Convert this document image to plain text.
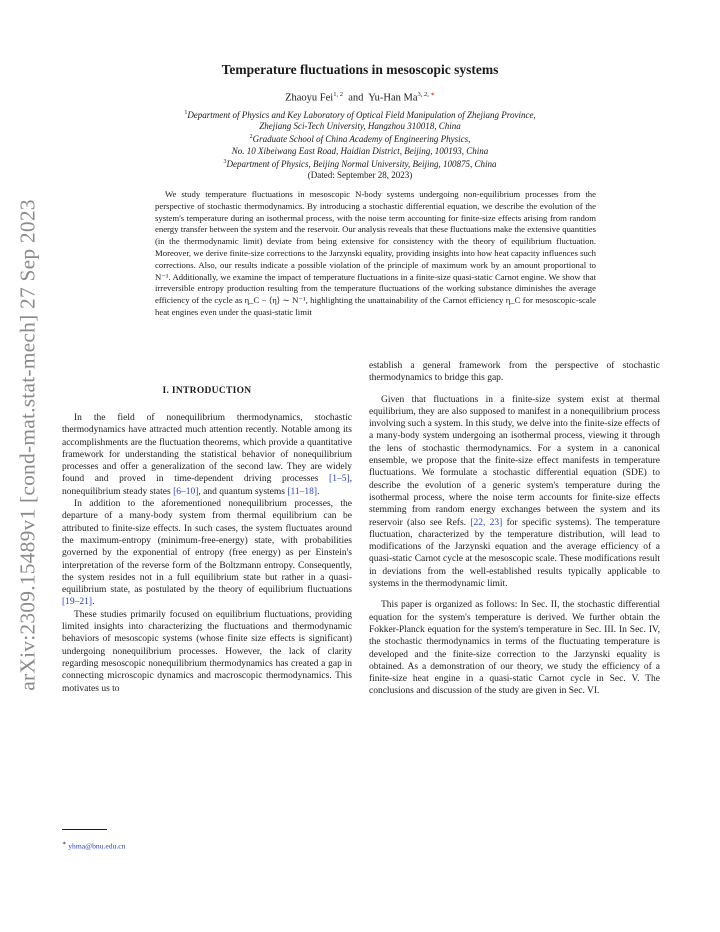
arXiv:2309.15489v1 [cond-mat.stat-mech] 27 Sep 2023
Temperature fluctuations in mesoscopic systems
Zhaoyu Fei$^{1, 2}$ and Yu-Han $Ma^{3, 2, ∗}$
$^1$Department of Physics and Key Laboratory of Optical Field Manipulation of Zhejiang Province,
Zhejiang Sci-Tech University, Hangzhou 310018, China
$^2$Graduate School of China Academy of Engineering Physics,
No. 10 Xibeiwang East Road, Haidian District, Beijing, 100193, China
$^3$Department of Physics, Beijing Normal University, Beijing, 100875, China
(Dated: September 28, 2023)
We study temperature fluctuations in mesoscopic N-body systems undergoing non-equilibrium processes from the perspective of stochastic thermodynamics. By introducing a stochastic differential equation, we describe the evolution of the system's temperature during an isothermal process, with the noise term accounting for finite-size effects arising from random energy transfer between the system and the reservoir. Our analysis reveals that these fluctuations make the extensive quantities (in the thermodynamic limit) deviate from being extensive for consistency with the theory of equilibrium fluctuation. Moreover, we derive finite-size corrections to the Jarzynski equality, providing insights into how heat capacity influences such corrections. Also, our results indicate a possible violation of the principle of maximum work by an amount proportional to N⁻¹. Additionally, we examine the impact of temperature fluctuations in a finite-size quasi-static Carnot engine. We show that irreversible entropy production resulting from the temperature fluctuations of the working substance diminishes the average efficiency of the cycle as η_C − ⟨η⟩ ∼ N⁻¹, highlighting the unattainability of the Carnot efficiency η_C for mesoscopic-scale heat engines even under the quasi-static limit
I. INTRODUCTION

In the field of nonequilibrium thermodynamics, stochastic thermodynamics have attracted much attention recently. Notable among its accomplishments are the fluctuation theorems, which provide a quantitative framework for understanding the statistical behavior of nonequilibrium processes and offer a generalization of the second law. They are widely found and proved in time-dependent driving processes [1–5], nonequilibrium steady states [6–10], and quantum systems [11–18].

In addition to the aforementioned nonequilibrium processes, the departure of a many-body system from thermal equilibrium can be attributed to finite-size effects. In such cases, the system fluctuates around the maximum-entropy (minimum-free-energy) state, with probabilities governed by the exponential of entropy (free energy) as per Einstein's interpretation of the reverse form of the Boltzmann entropy. Consequently, the system resides not in a full equilibrium state but rather in a quasi-equilibrium state, as postulated by the theory of equilibrium fluctuations [19–21].

These studies primarily focused on equilibrium fluctuations, providing limited insights into characterizing the fluctuations and thermodynamic behaviors of mesoscopic systems (whose finite size effects is significant) undergoing nonequilibrium processes. However, the lack of clarity regarding mesoscopic nonequilibrium thermodynamics has created a gap in connecting microscopic dynamics and macroscopic thermodynamics. This motivates us to

establish a general framework from the perspective of stochastic thermodynamics to bridge this gap.

Given that fluctuations in a finite-size system exist at thermal equilibrium, they are also supposed to manifest in a nonequilibrium process involving such a system. In this study, we delve into the finite-size effects of a many-body system undergoing an isothermal process, viewing it through the lens of stochastic thermodynamics. For a system in a canonical ensemble, we propose that the finite-size effect manifests in temperature fluctuations. We formulate a stochastic differential equation (SDE) to describe the evolution of a generic system's temperature during the isothermal process, where the noise term accounts for finite-size effects stemming from random energy exchanges between the system and its reservoir (also see Refs. [22, 23] for specific systems). The temperature fluctuation, characterized by the temperature distribution, will lead to modifications of the Jarzynski equation and the average efficiency of a quasi-static Carnot cycle at the mesoscopic scale. These modifications result in deviations from the well-established results typically applicable to systems in the thermodynamic limit.

This paper is organized as follows: In Sec. II, the stochastic differential equation for the system's temperature is derived. We further obtain the Fokker-Planck equation for the system's temperature in Sec. III. In Sec. IV, the stochastic thermodynamics in terms of the fluctuating temperature is developed and the finite-size correction to the Jarzynski equality is obtained. As a demonstration of our theory, we study the efficiency of a finite-size heat engine in a quasi-static Carnot cycle in Sec. V. The conclusions and discussion of the study are given in Sec. VI.

∗ yhma@bnu.edu.cn
